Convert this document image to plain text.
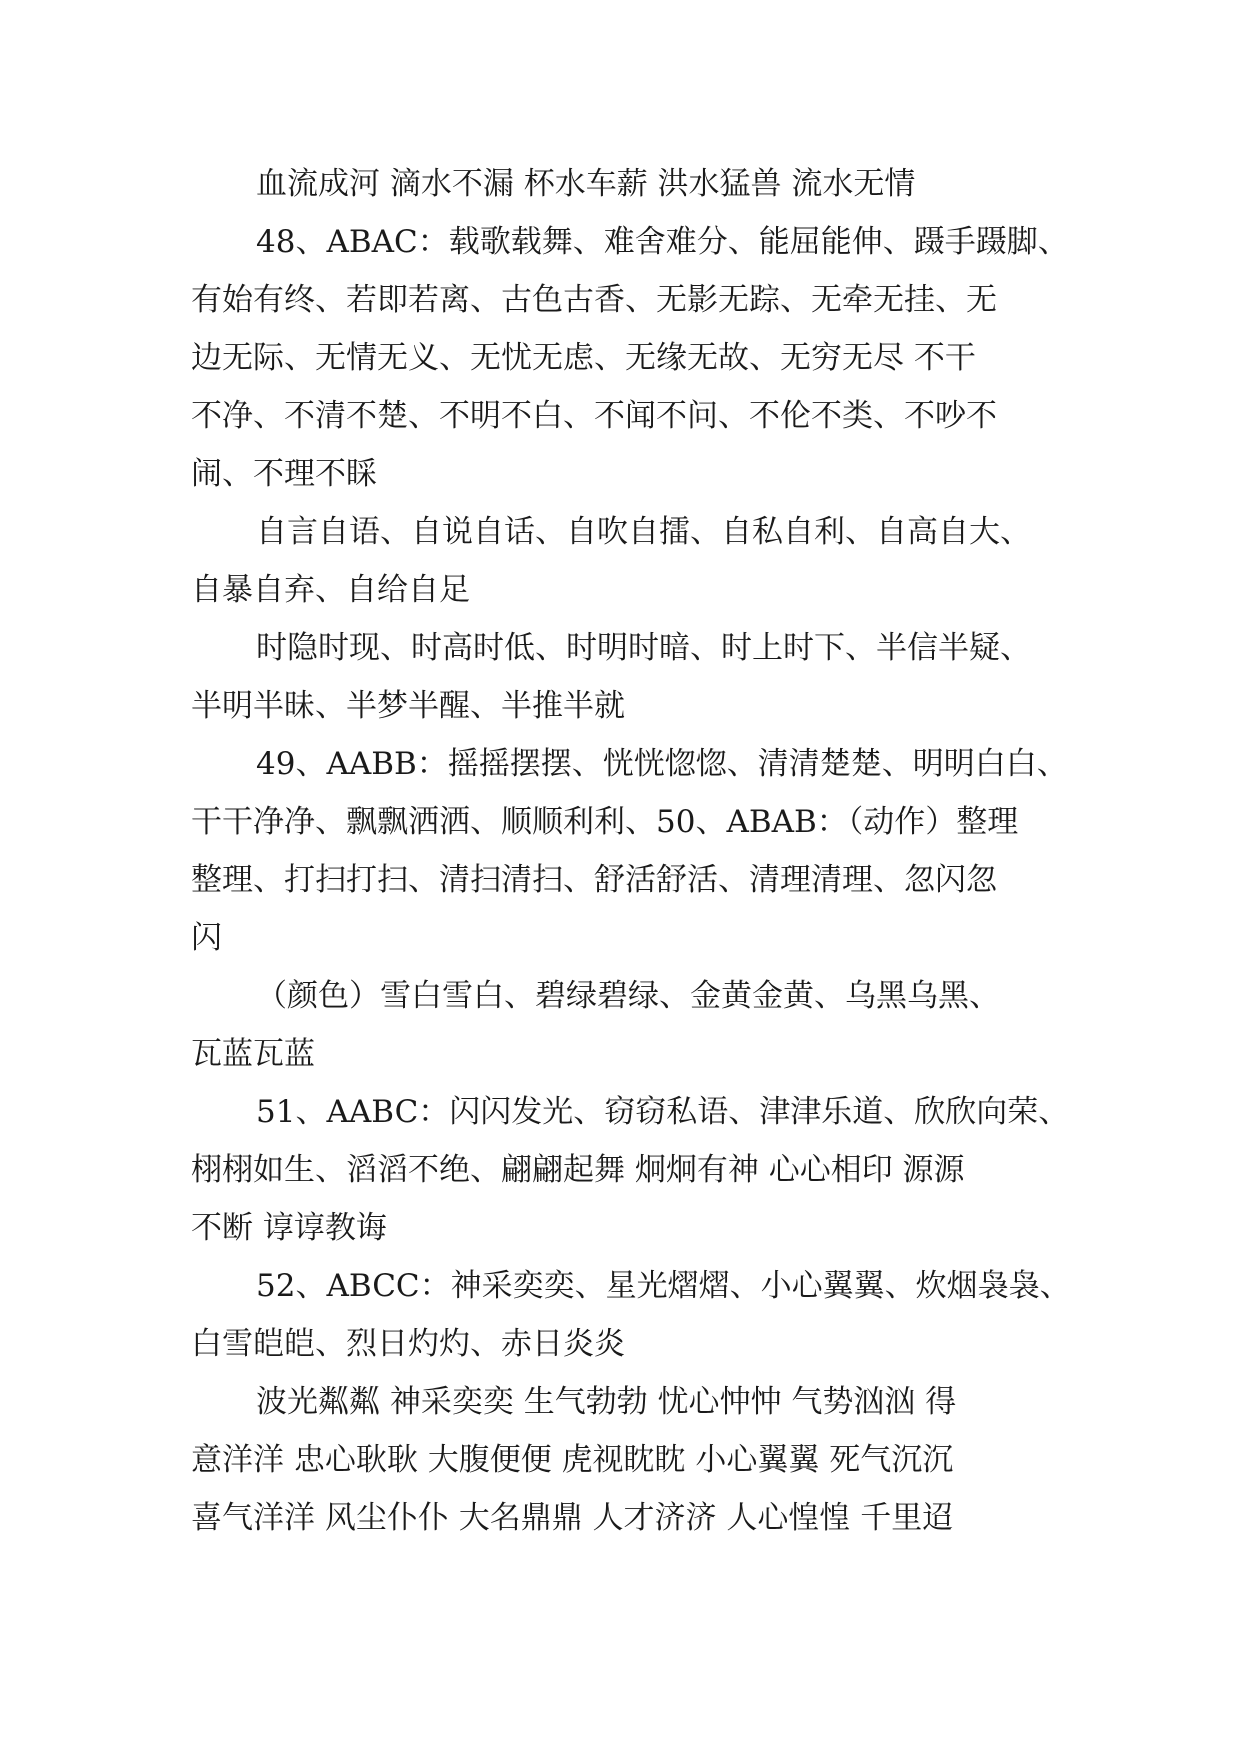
血流成河 滴水不漏 杯水车薪 洪水猛兽 流水无情
48、ABAC：载歌载舞、难舍难分、能屈能伸、蹑手蹑脚、
有始有终、若即若离、古色古香、无影无踪、无牵无挂、无
边无际、无情无义、无忧无虑、无缘无故、无穷无尽 不干
不净、不清不楚、不明不白、不闻不问、不伦不类、不吵不
闹、不理不睬
自言自语、自说自话、自吹自擂、自私自利、自高自大、
自暴自弃、自给自足
时隐时现、时高时低、时明时暗、时上时下、半信半疑、
半明半昧、半梦半醒、半推半就
49、AABB：摇摇摆摆、恍恍惚惚、清清楚楚、明明白白、
干干净净、飘飘洒洒、顺顺利利、50、ABAB：（动作）整理
整理、打扫打扫、清扫清扫、舒活舒活、清理清理、忽闪忽
闪
（颜色）雪白雪白、碧绿碧绿、金黄金黄、乌黑乌黑、
瓦蓝瓦蓝
51、AABC：闪闪发光、窃窃私语、津津乐道、欣欣向荣、
栩栩如生、滔滔不绝、翩翩起舞 炯炯有神 心心相印 源源
不断 谆谆教诲
52、ABCC：神采奕奕、星光熠熠、小心翼翼、炊烟袅袅、
白雪皑皑、烈日灼灼、赤日炎炎
波光粼粼 神采奕奕 生气勃勃 忧心忡忡 气势汹汹 得
意洋洋 忠心耿耿 大腹便便 虎视眈眈 小心翼翼 死气沉沉
喜气洋洋 风尘仆仆 大名鼎鼎 人才济济 人心惶惶 千里迢
